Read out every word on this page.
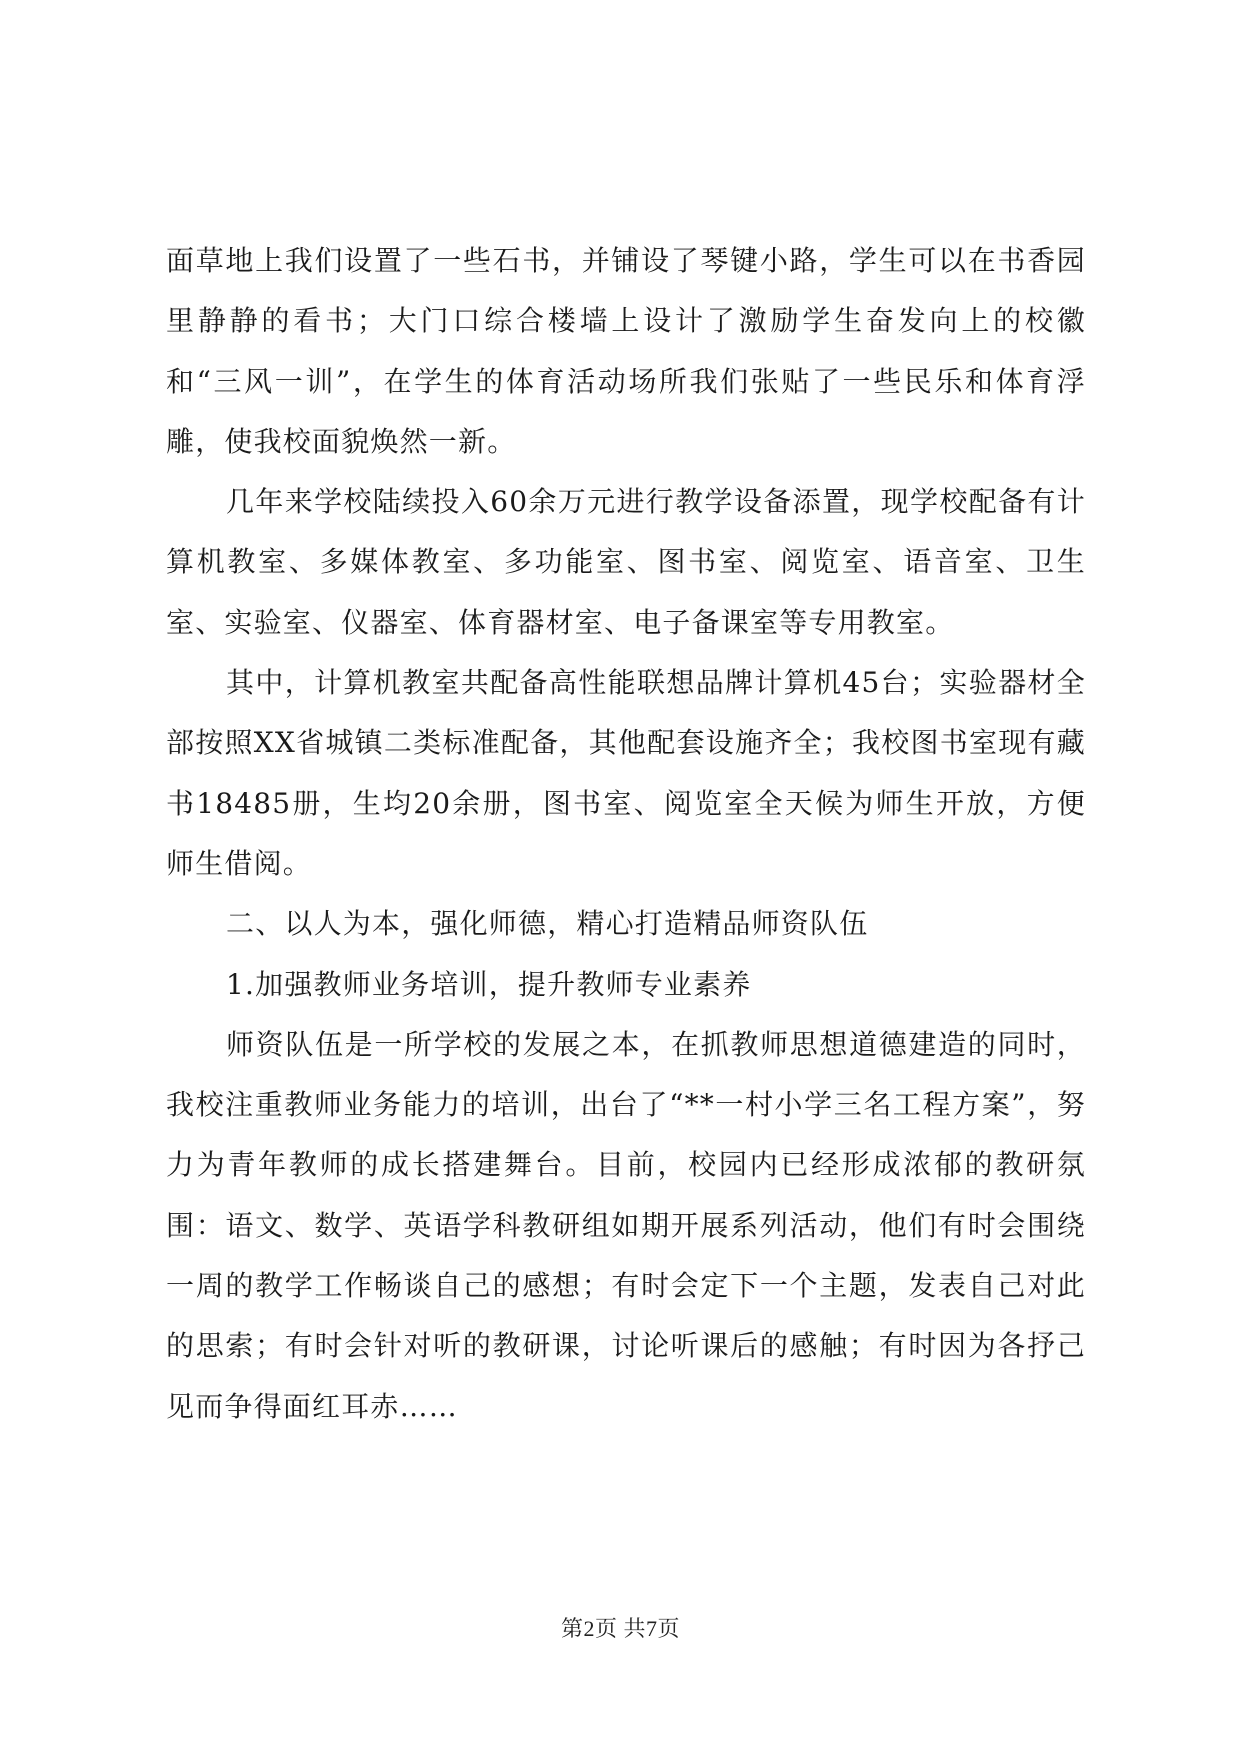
面草地上我们设置了一些石书，并铺设了琴键小路，学生可以在书香园里静静的看书；大门口综合楼墙上设计了激励学生奋发向上的校徽和“三风一训”，在学生的体育活动场所我们张贴了一些民乐和体育浮雕，使我校面貌焕然一新。

几年来学校陆续投入60余万元进行教学设备添置，现学校配备有计算机教室、多媒体教室、多功能室、图书室、阅览室、语音室、卫生室、实验室、仪器室、体育器材室、电子备课室等专用教室。

其中，计算机教室共配备高性能联想品牌计算机45台；实验器材全部按照XX省城镇二类标准配备，其他配套设施齐全；我校图书室现有藏书18485册，生均20余册，图书室、阅览室全天候为师生开放，方便师生借阅。

二、以人为本，强化师德，精心打造精品师资队伍

1.加强教师业务培训，提升教师专业素养

师资队伍是一所学校的发展之本，在抓教师思想道德建造的同时，我校注重教师业务能力的培训，出台了“**一村小学三名工程方案”，努力为青年教师的成长搭建舞台。目前，校园内已经形成浓郁的教研氛围：语文、数学、英语学科教研组如期开展系列活动，他们有时会围绕一周的教学工作畅谈自己的感想；有时会定下一个主题，发表自己对此的思索；有时会针对听的教研课，讨论听课后的感触；有时因为各抒己见而争得面红耳赤……

第2页 共7页
